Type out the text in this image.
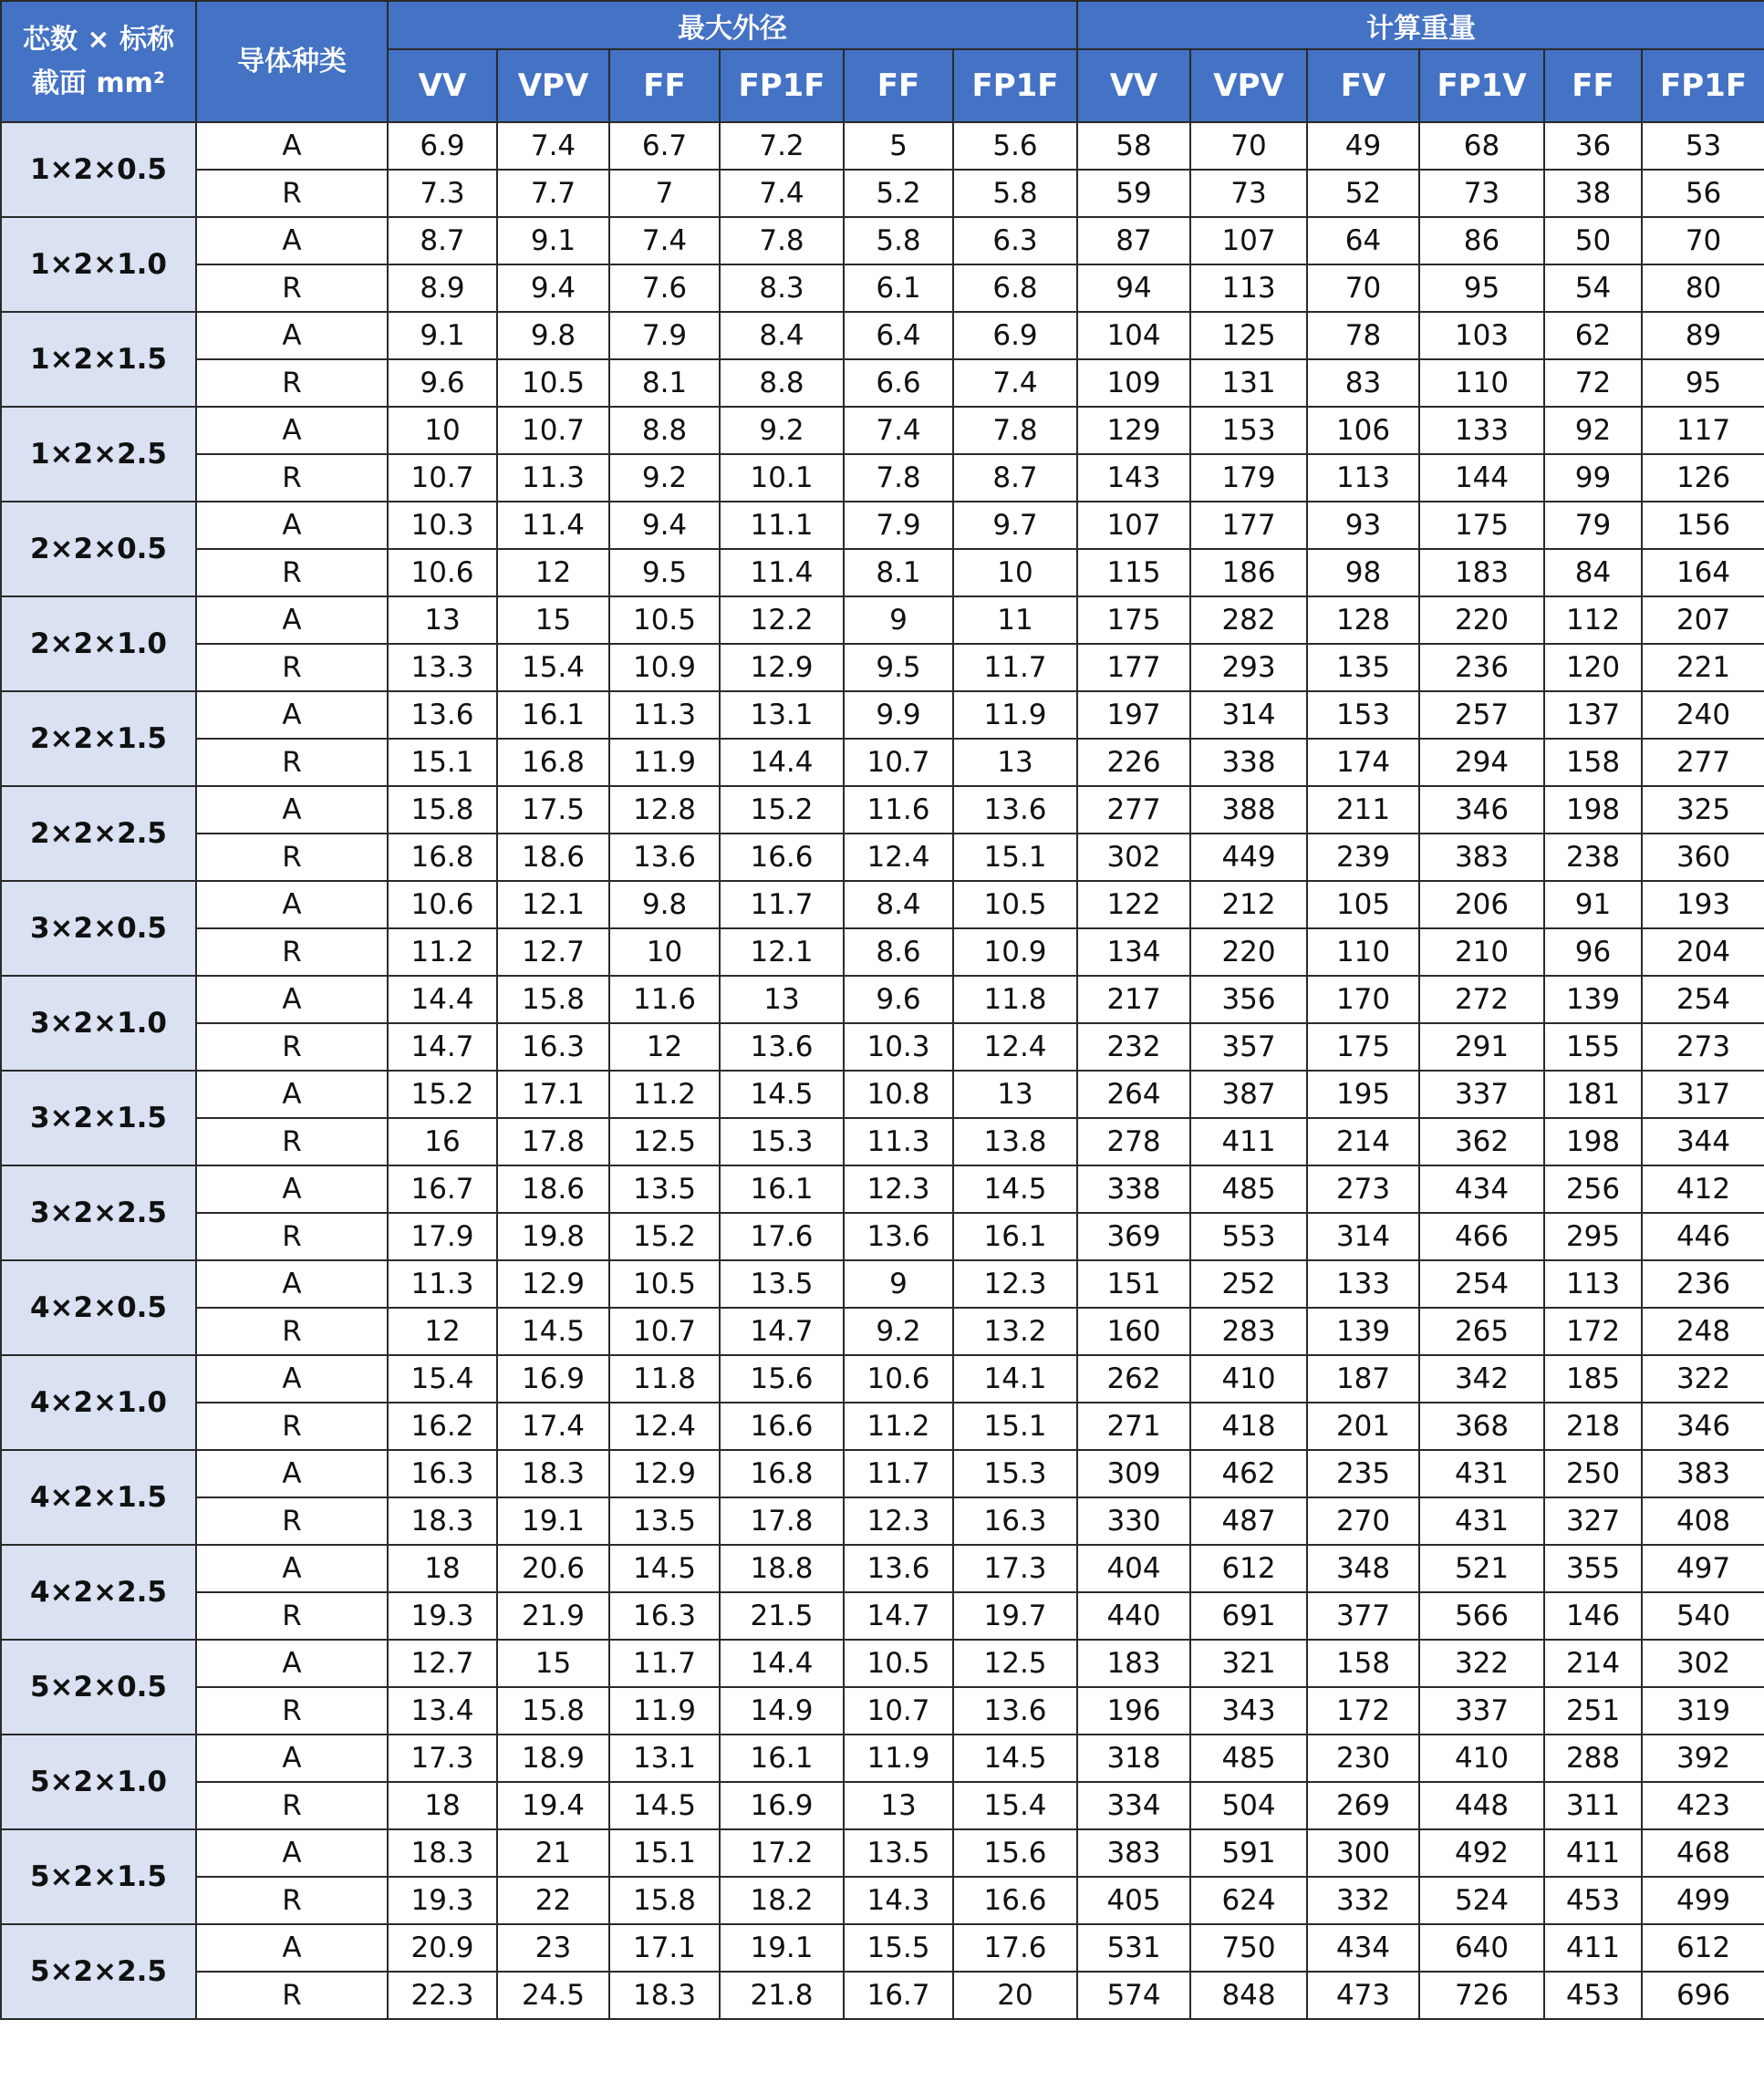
芯数 × 标称
截面 mm²	导体种类	最大外径						计算重量					
		VV	VPV	FF	FP1F	FF	FP1F	VV	VPV	FV	FP1V	FF	FP1F
1×2×0.5	A	6.9	7.4	6.7	7.2	5	5.6	58	70	49	68	36	53
	R	7.3	7.7	7	7.4	5.2	5.8	59	73	52	73	38	56
1×2×1.0	A	8.7	9.1	7.4	7.8	5.8	6.3	87	107	64	86	50	70
	R	8.9	9.4	7.6	8.3	6.1	6.8	94	113	70	95	54	80
1×2×1.5	A	9.1	9.8	7.9	8.4	6.4	6.9	104	125	78	103	62	89
	R	9.6	10.5	8.1	8.8	6.6	7.4	109	131	83	110	72	95
1×2×2.5	A	10	10.7	8.8	9.2	7.4	7.8	129	153	106	133	92	117
	R	10.7	11.3	9.2	10.1	7.8	8.7	143	179	113	144	99	126
2×2×0.5	A	10.3	11.4	9.4	11.1	7.9	9.7	107	177	93	175	79	156
	R	10.6	12	9.5	11.4	8.1	10	115	186	98	183	84	164
2×2×1.0	A	13	15	10.5	12.2	9	11	175	282	128	220	112	207
	R	13.3	15.4	10.9	12.9	9.5	11.7	177	293	135	236	120	221
2×2×1.5	A	13.6	16.1	11.3	13.1	9.9	11.9	197	314	153	257	137	240
	R	15.1	16.8	11.9	14.4	10.7	13	226	338	174	294	158	277
2×2×2.5	A	15.8	17.5	12.8	15.2	11.6	13.6	277	388	211	346	198	325
	R	16.8	18.6	13.6	16.6	12.4	15.1	302	449	239	383	238	360
3×2×0.5	A	10.6	12.1	9.8	11.7	8.4	10.5	122	212	105	206	91	193
	R	11.2	12.7	10	12.1	8.6	10.9	134	220	110	210	96	204
3×2×1.0	A	14.4	15.8	11.6	13	9.6	11.8	217	356	170	272	139	254
	R	14.7	16.3	12	13.6	10.3	12.4	232	357	175	291	155	273
3×2×1.5	A	15.2	17.1	11.2	14.5	10.8	13	264	387	195	337	181	317
	R	16	17.8	12.5	15.3	11.3	13.8	278	411	214	362	198	344
3×2×2.5	A	16.7	18.6	13.5	16.1	12.3	14.5	338	485	273	434	256	412
	R	17.9	19.8	15.2	17.6	13.6	16.1	369	553	314	466	295	446
4×2×0.5	A	11.3	12.9	10.5	13.5	9	12.3	151	252	133	254	113	236
	R	12	14.5	10.7	14.7	9.2	13.2	160	283	139	265	172	248
4×2×1.0	A	15.4	16.9	11.8	15.6	10.6	14.1	262	410	187	342	185	322
	R	16.2	17.4	12.4	16.6	11.2	15.1	271	418	201	368	218	346
4×2×1.5	A	16.3	18.3	12.9	16.8	11.7	15.3	309	462	235	431	250	383
	R	18.3	19.1	13.5	17.8	12.3	16.3	330	487	270	431	327	408
4×2×2.5	A	18	20.6	14.5	18.8	13.6	17.3	404	612	348	521	355	497
	R	19.3	21.9	16.3	21.5	14.7	19.7	440	691	377	566	146	540
5×2×0.5	A	12.7	15	11.7	14.4	10.5	12.5	183	321	158	322	214	302
	R	13.4	15.8	11.9	14.9	10.7	13.6	196	343	172	337	251	319
5×2×1.0	A	17.3	18.9	13.1	16.1	11.9	14.5	318	485	230	410	288	392
	R	18	19.4	14.5	16.9	13	15.4	334	504	269	448	311	423
5×2×1.5	A	18.3	21	15.1	17.2	13.5	15.6	383	591	300	492	411	468
	R	19.3	22	15.8	18.2	14.3	16.6	405	624	332	524	453	499
5×2×2.5	A	20.9	23	17.1	19.1	15.5	17.6	531	750	434	640	411	612
	R	22.3	24.5	18.3	21.8	16.7	20	574	848	473	726	453	696
